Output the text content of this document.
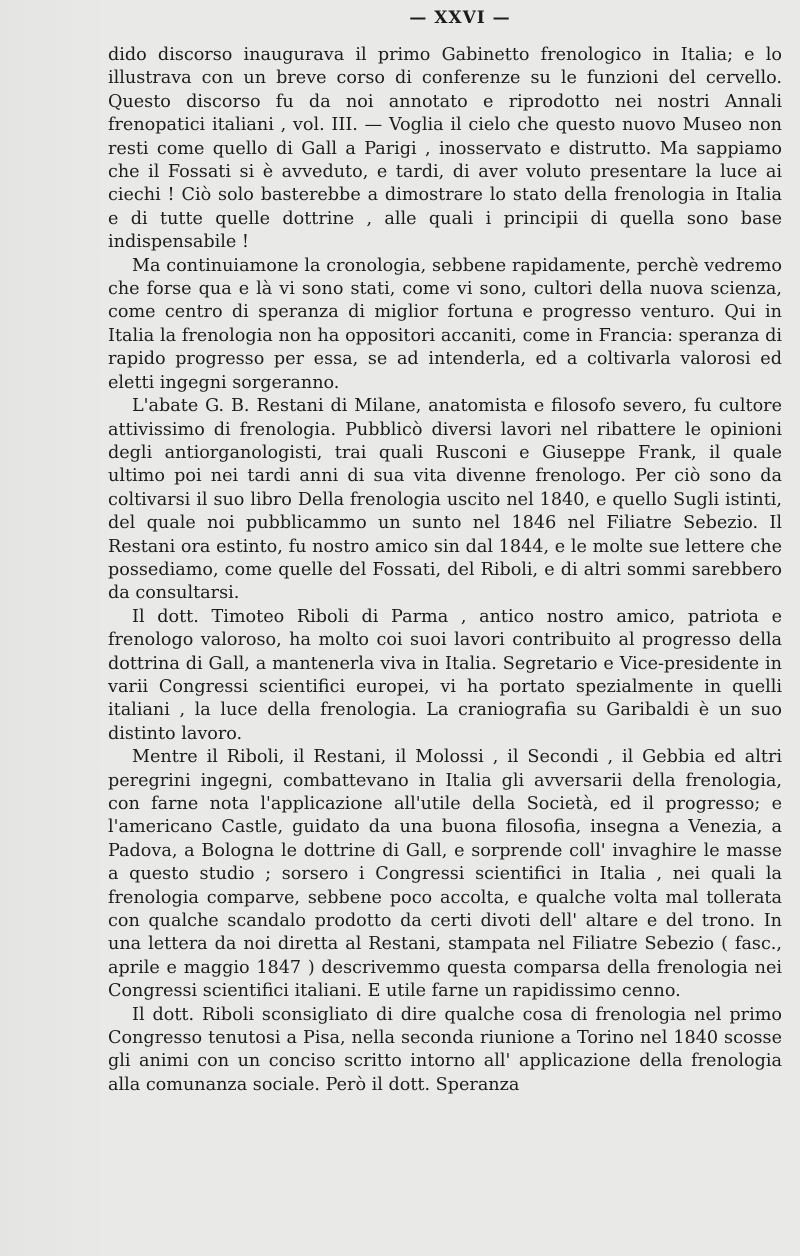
— XXVI —

dido discorso inaugurava il primo Gabinetto frenologico in Italia; e lo illustrava con un breve corso di conferenze su le funzioni del cervello. Questo discorso fu da noi annotato e riprodotto nei nostri Annali frenopatici italiani , vol. III. — Voglia il cielo che questo nuovo Museo non resti come quello di Gall a Parigi , inosservato e distrutto. Ma sappiamo che il Fossati si è avveduto, e tardi, di aver voluto presentare la luce ai ciechi ! Ciò solo basterebbe a dimostrare lo stato della frenologia in Italia e di tutte quelle dottrine , alle quali i principii di quella sono base indispensabile !

Ma continuiamone la cronologia, sebbene rapidamente, perchè vedremo che forse qua e là vi sono stati, come vi sono, cultori della nuova scienza, come centro di speranza di miglior fortuna e progresso venturo. Qui in Italia la frenologia non ha oppositori accaniti, come in Francia: speranza di rapido progresso per essa, se ad intenderla, ed a coltivarla valorosi ed eletti ingegni sorgeranno.

L'abate G. B. Restani di Milane, anatomista e filosofo severo, fu cultore attivissimo di frenologia. Pubblicò diversi lavori nel ribattere le opinioni degli antiorganologisti, trai quali Rusconi e Giuseppe Frank, il quale ultimo poi nei tardi anni di sua vita divenne frenologo. Per ciò sono da coltivarsi il suo libro Della frenologia uscito nel 1840, e quello Sugli istinti, del quale noi pubblicammo un sunto nel 1846 nel Filiatre Sebezio. Il Restani ora estinto, fu nostro amico sin dal 1844, e le molte sue lettere che possediamo, come quelle del Fossati, del Riboli, e di altri sommi sarebbero da consultarsi.

Il dott. Timoteo Riboli di Parma , antico nostro amico, patriota e frenologo valoroso, ha molto coi suoi lavori contribuito al progresso della dottrina di Gall, a mantenerla viva in Italia. Segretario e Vice-presidente in varii Congressi scientifici europei, vi ha portato spezialmente in quelli italiani , la luce della frenologia. La craniografia su Garibaldi è un suo distinto lavoro.

Mentre il Riboli, il Restani, il Molossi , il Secondi , il Gebbia ed altri peregrini ingegni, combattevano in Italia gli avversarii della frenologia, con farne nota l'applicazione all'utile della Società, ed il progresso; e l'americano Castle, guidato da una buona filosofia, insegna a Venezia, a Padova, a Bologna le dottrine di Gall, e sorprende coll' invaghire le masse a questo studio ; sorsero i Congressi scientifici in Italia , nei quali la frenologia comparve, sebbene poco accolta, e qualche volta mal tollerata con qualche scandalo prodotto da certi divoti dell' altare e del trono. In una lettera da noi diretta al Restani, stampata nel Filiatre Sebezio ( fasc., aprile e maggio 1847 ) descrivemmo questa comparsa della frenologia nei Congressi scientifici italiani. E utile farne un rapidissimo cenno.

Il dott. Riboli sconsigliato di dire qualche cosa di frenologia nel primo Congresso tenutosi a Pisa, nella seconda riunione a Torino nel 1840 scosse gli animi con un conciso scritto intorno all' applicazione della frenologia alla comunanza sociale. Però il dott. Speranza
